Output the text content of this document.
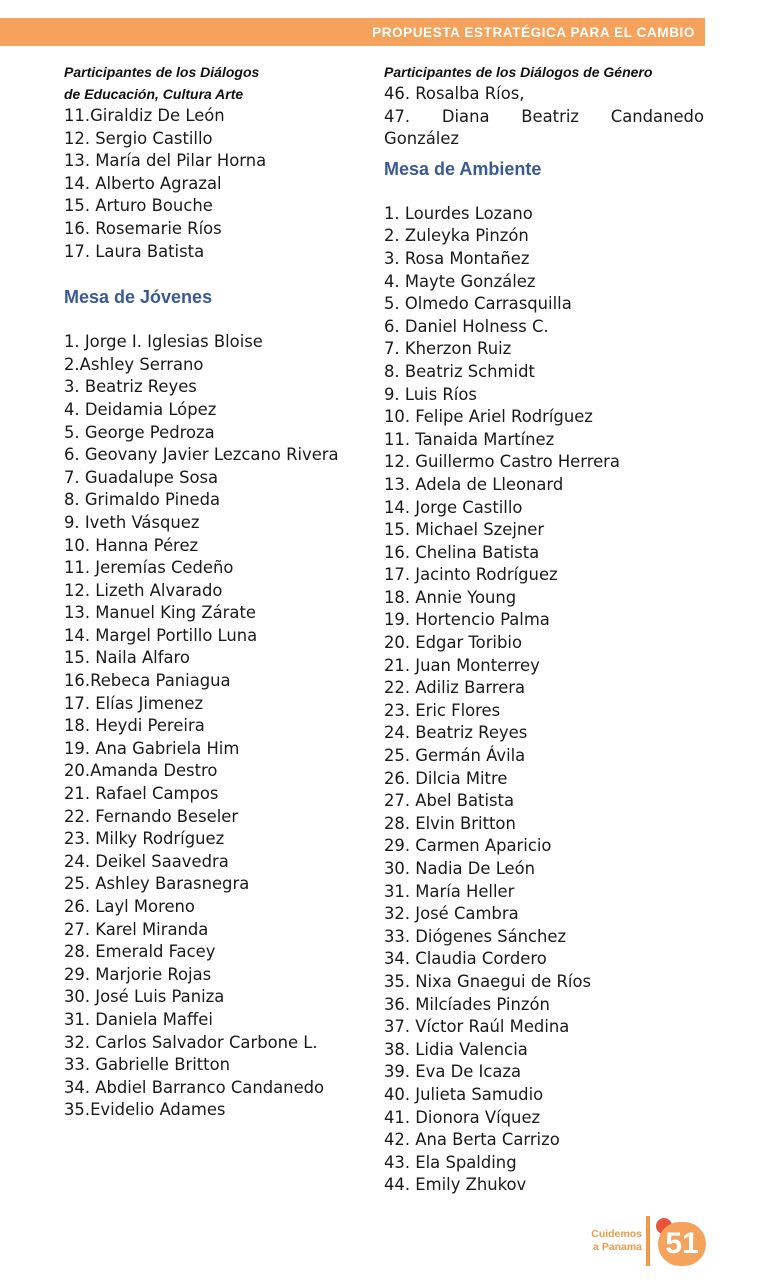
PROPUESTA ESTRATÉGICA PARA EL CAMBIO
Participantes de los Diálogos
de Educación, Cultura Arte
11.Giraldiz De León
12. Sergio Castillo
13. María del Pilar Horna
14. Alberto Agrazal
15. Arturo Bouche
16. Rosemarie Ríos
17. Laura Batista
Mesa de Jóvenes
1. Jorge I. Iglesias Bloise
2.Ashley Serrano
3. Beatriz Reyes
4. Deidamia López
5. George Pedroza
6. Geovany Javier Lezcano Rivera
7. Guadalupe Sosa
8. Grimaldo Pineda
9. Iveth Vásquez
10. Hanna Pérez
11. Jeremías Cedeño
12. Lizeth Alvarado
13. Manuel King Zárate
14. Margel Portillo Luna
15. Naila Alfaro
16.Rebeca Paniagua
17. Elías Jimenez
18. Heydi Pereira
19. Ana Gabriela Him
20.Amanda Destro
21. Rafael Campos
22. Fernando Beseler
23. Milky Rodríguez
24. Deikel Saavedra
25. Ashley Barasnegra
26. Layl Moreno
27. Karel Miranda
28. Emerald Facey
29. Marjorie Rojas
30. José Luis Paniza
31. Daniela Maffei
32. Carlos Salvador Carbone L.
33. Gabrielle Britton
34. Abdiel Barranco Candanedo
35.Evidelio Adames
Participantes de los Diálogos de Género
46. Rosalba Ríos,
47. Diana Beatriz Candanedo
González
Mesa de Ambiente
1. Lourdes Lozano
2. Zuleyka Pinzón
3. Rosa Montañez
4. Mayte González
5. Olmedo Carrasquilla
6. Daniel Holness C.
7. Kherzon Ruiz
8. Beatriz Schmidt
9. Luis Ríos
10. Felipe Ariel Rodríguez
11. Tanaida Martínez
12. Guillermo Castro Herrera
13. Adela de Lleonard
14. Jorge Castillo
15. Michael Szejner
16. Chelina Batista
17. Jacinto Rodríguez
18. Annie Young
19. Hortencio Palma
20. Edgar Toribio
21. Juan Monterrey
22. Adiliz Barrera
23. Eric Flores
24. Beatriz Reyes
25. Germán Ávila
26. Dilcia Mitre
27. Abel Batista
28. Elvin Britton
29. Carmen Aparicio
30. Nadia De León
31. María Heller
32. José Cambra
33. Diógenes Sánchez
34. Claudia Cordero
35. Nixa Gnaegui de Ríos
36. Milcíades Pinzón
37. Víctor Raúl Medina
38. Lidia Valencia
39. Eva De Icaza
40. Julieta Samudio
41. Dionora Víquez
42. Ana Berta Carrizo
43. Ela Spalding
44. Emily Zhukov
Cuidemos
a Panama 51
